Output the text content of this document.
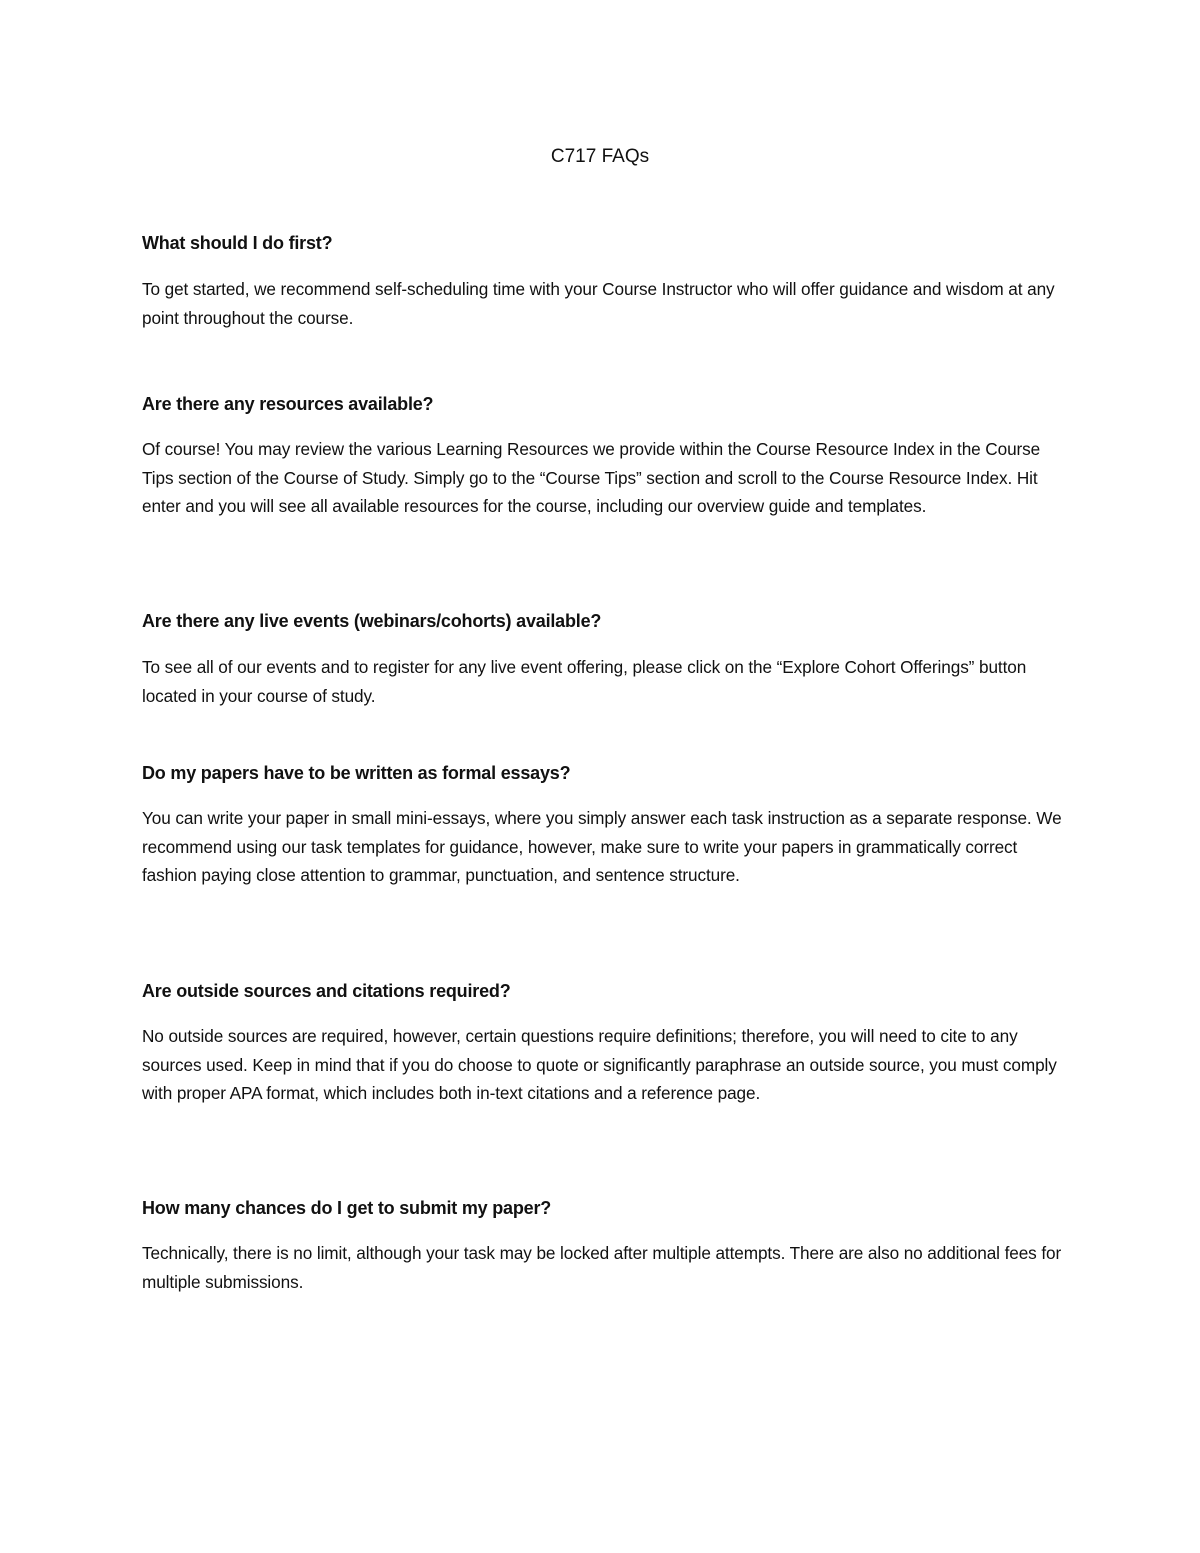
C717 FAQs
What should I do first?

To get started, we recommend self-scheduling time with your Course Instructor who will offer guidance and wisdom at any point throughout the course.

Are there any resources available?

Of course! You may review the various Learning Resources we provide within the Course Resource Index in the Course Tips section of the Course of Study. Simply go to the “Course Tips” section and scroll to the Course Resource Index. Hit enter and you will see all available resources for the course, including our overview guide and templates.

Are there any live events (webinars/cohorts) available?

To see all of our events and to register for any live event offering, please click on the “Explore Cohort Offerings” button located in your course of study.

Do my papers have to be written as formal essays?

You can write your paper in small mini-essays, where you simply answer each task instruction as a separate response. We recommend using our task templates for guidance, however, make sure to write your papers in grammatically correct fashion paying close attention to grammar, punctuation, and sentence structure.

Are outside sources and citations required?

No outside sources are required, however, certain questions require definitions; therefore, you will need to cite to any sources used. Keep in mind that if you do choose to quote or significantly paraphrase an outside source, you must comply with proper APA format, which includes both in-text citations and a reference page.

How many chances do I get to submit my paper?

Technically, there is no limit, although your task may be locked after multiple attempts. There are also no additional fees for multiple submissions.
